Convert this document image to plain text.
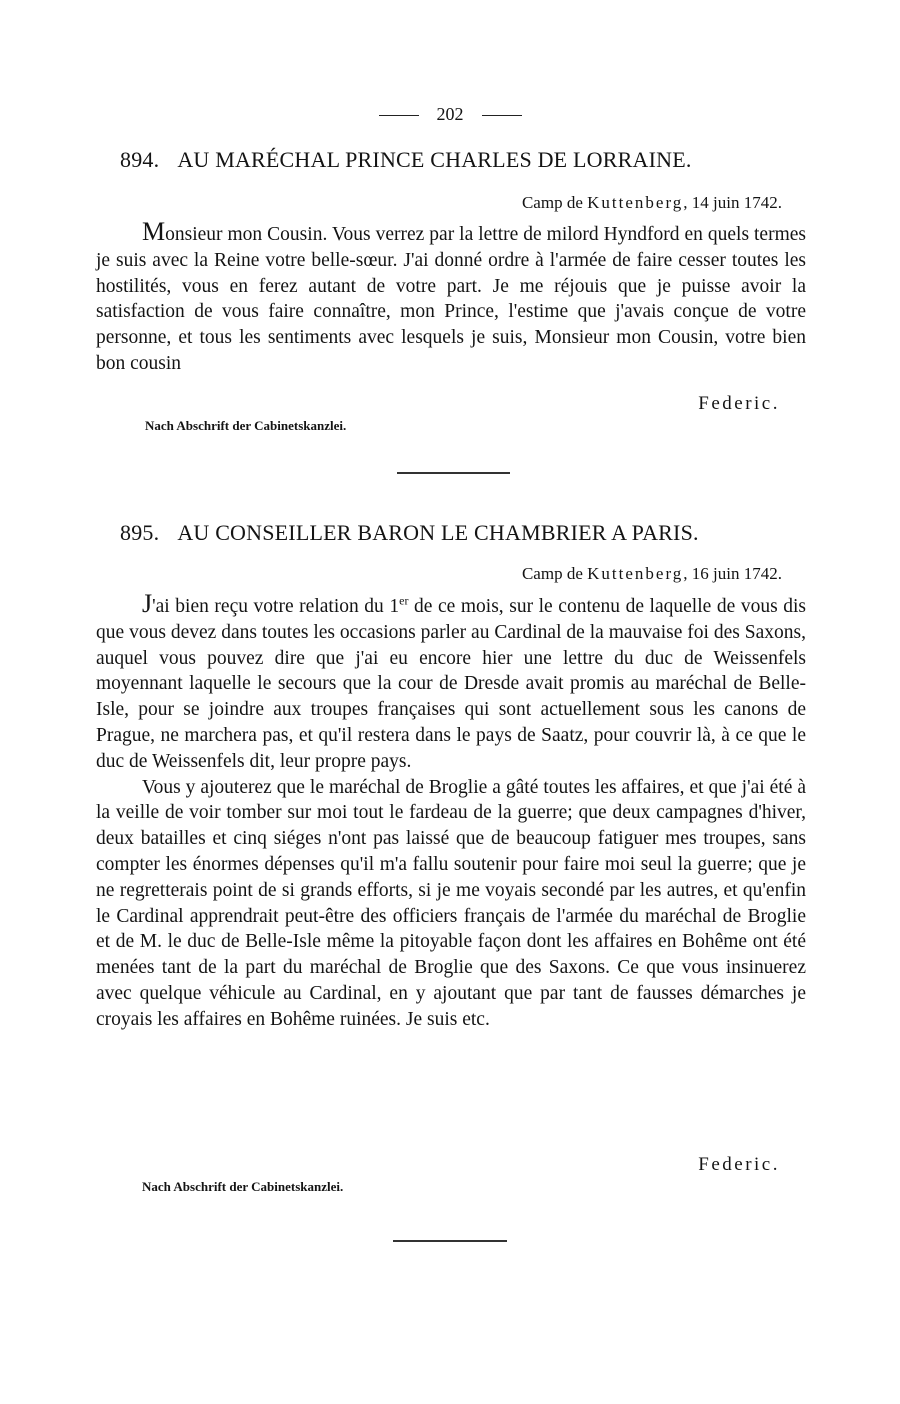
202
894. AU MARÉCHAL PRINCE CHARLES DE LORRAINE.
Camp de Kuttenberg, 14 juin 1742.

Monsieur mon Cousin. Vous verrez par la lettre de milord Hyndford en quels termes je suis avec la Reine votre belle-sœur. J'ai donné ordre à l'armée de faire cesser toutes les hostilités, vous en ferez autant de votre part. Je me réjouis que je puisse avoir la satisfaction de vous faire connaître, mon Prince, l'estime que j'avais conçue de votre personne, et tous les sentiments avec lesquels je suis, Monsieur mon Cousin, votre bien bon cousin

Federic.
Nach Abschrift der Cabinetskanzlei.
895. AU CONSEILLER BARON LE CHAMBRIER A PARIS.
Camp de Kuttenberg, 16 juin 1742.

J'ai bien reçu votre relation du 1er de ce mois, sur le contenu de laquelle de vous dis que vous devez dans toutes les occasions parler au Cardinal de la mauvaise foi des Saxons, auquel vous pouvez dire que j'ai eu encore hier une lettre du duc de Weissenfels moyennant laquelle le secours que la cour de Dresde avait promis au maréchal de Belle-Isle, pour se joindre aux troupes françaises qui sont actuellement sous les canons de Prague, ne marchera pas, et qu'il restera dans le pays de Saatz, pour couvrir là, à ce que le duc de Weissenfels dit, leur propre pays.

Vous y ajouterez que le maréchal de Broglie a gâté toutes les affaires, et que j'ai été à la veille de voir tomber sur moi tout le fardeau de la guerre; que deux campagnes d'hiver, deux batailles et cinq siéges n'ont pas laissé que de beaucoup fatiguer mes troupes, sans compter les énormes dépenses qu'il m'a fallu soutenir pour faire moi seul la guerre; que je ne regretterais point de si grands efforts, si je me voyais secondé par les autres, et qu'enfin le Cardinal apprendrait peut-être des officiers français de l'armée du maréchal de Broglie et de M. le duc de Belle-Isle même la pitoyable façon dont les affaires en Bohême ont été menées tant de la part du maréchal de Broglie que des Saxons. Ce que vous insinuerez avec quelque véhicule au Cardinal, en y ajoutant que par tant de fausses démarches je croyais les affaires en Bohême ruinées. Je suis etc.

Federic.
Nach Abschrift der Cabinetskanzlei.
